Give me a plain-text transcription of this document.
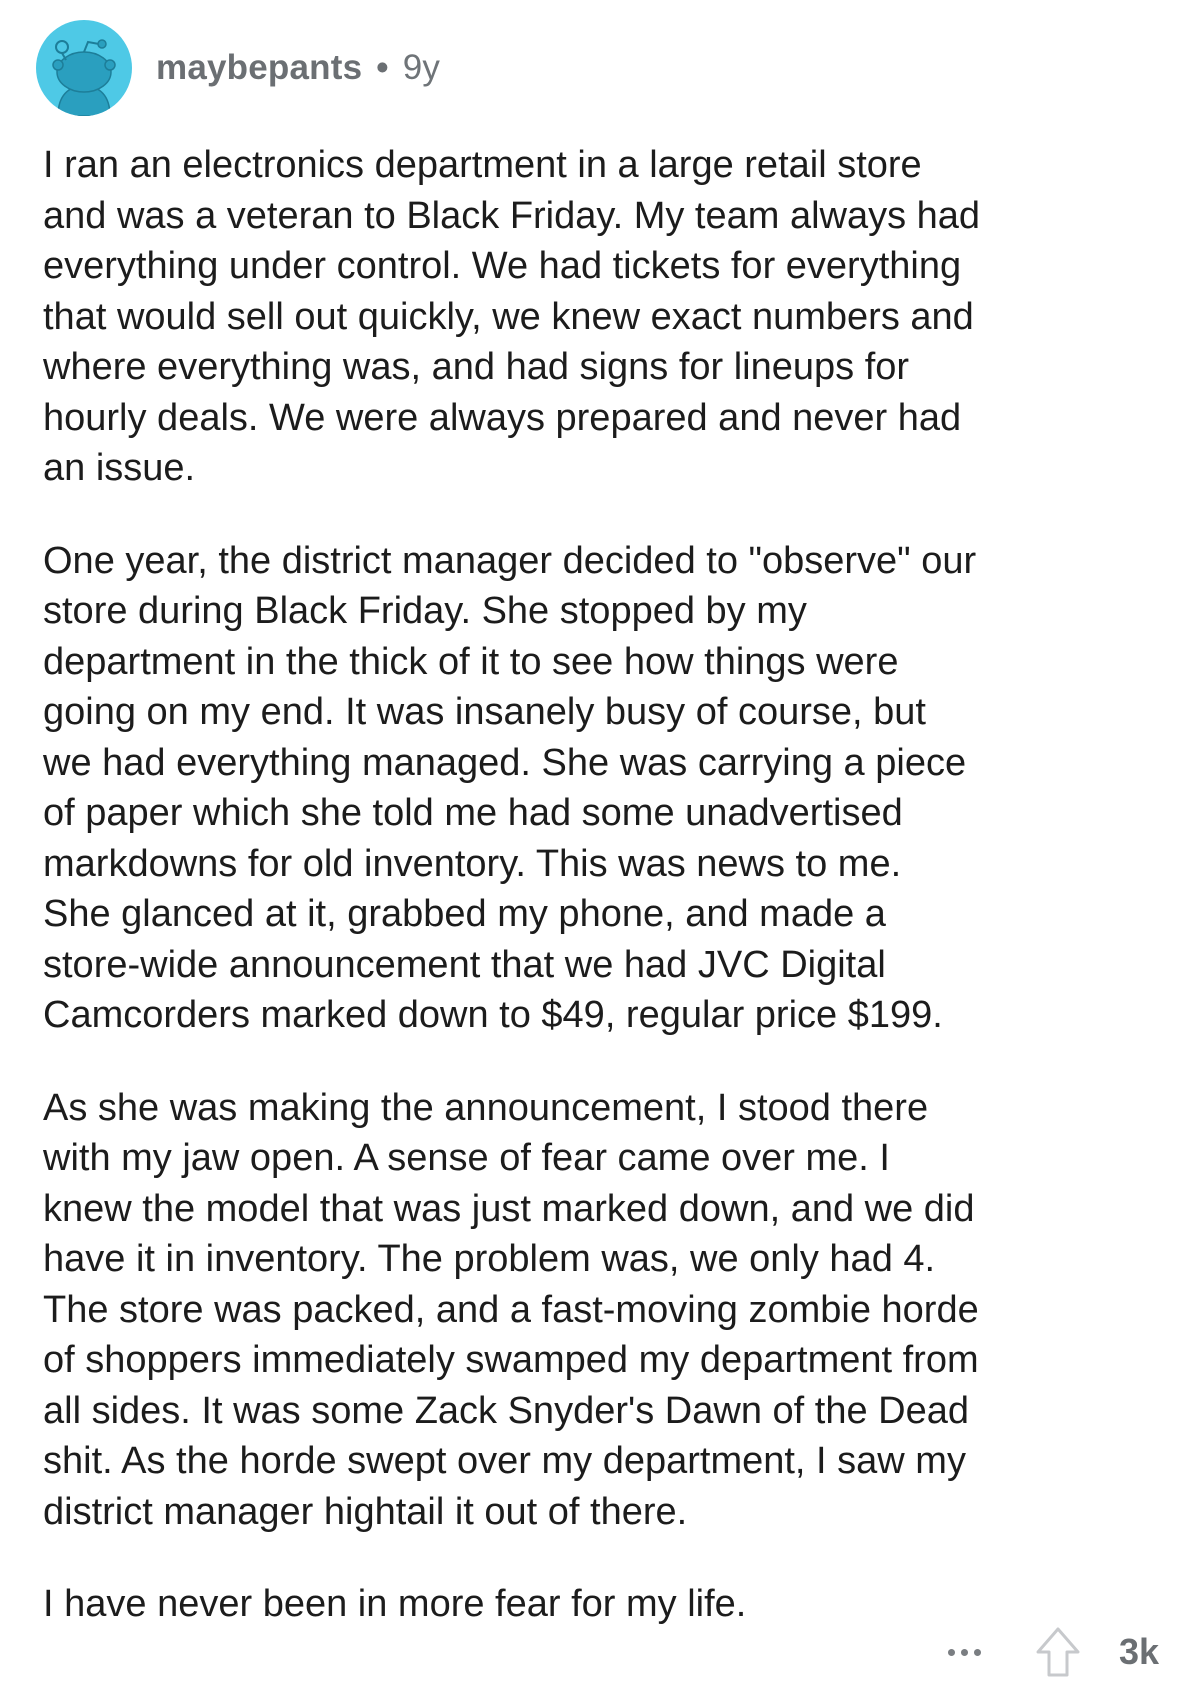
maybepants • 9y

I ran an electronics department in a large retail store
and was a veteran to Black Friday. My team always had
everything under control. We had tickets for everything
that would sell out quickly, we knew exact numbers and
where everything was, and had signs for lineups for
hourly deals. We were always prepared and never had
an issue.

One year, the district manager decided to "observe" our
store during Black Friday. She stopped by my
department in the thick of it to see how things were
going on my end. It was insanely busy of course, but
we had everything managed. She was carrying a piece
of paper which she told me had some unadvertised
markdowns for old inventory. This was news to me.
She glanced at it, grabbed my phone, and made a
store-wide announcement that we had JVC Digital
Camcorders marked down to $49, regular price $199.

As she was making the announcement, I stood there
with my jaw open. A sense of fear came over me. I
knew the model that was just marked down, and we did
have it in inventory. The problem was, we only had 4.
The store was packed, and a fast-moving zombie horde
of shoppers immediately swamped my department from
all sides. It was some Zack Snyder's Dawn of the Dead
shit. As the horde swept over my department, I saw my
district manager hightail it out of there.

I have never been in more fear for my life.

3k
